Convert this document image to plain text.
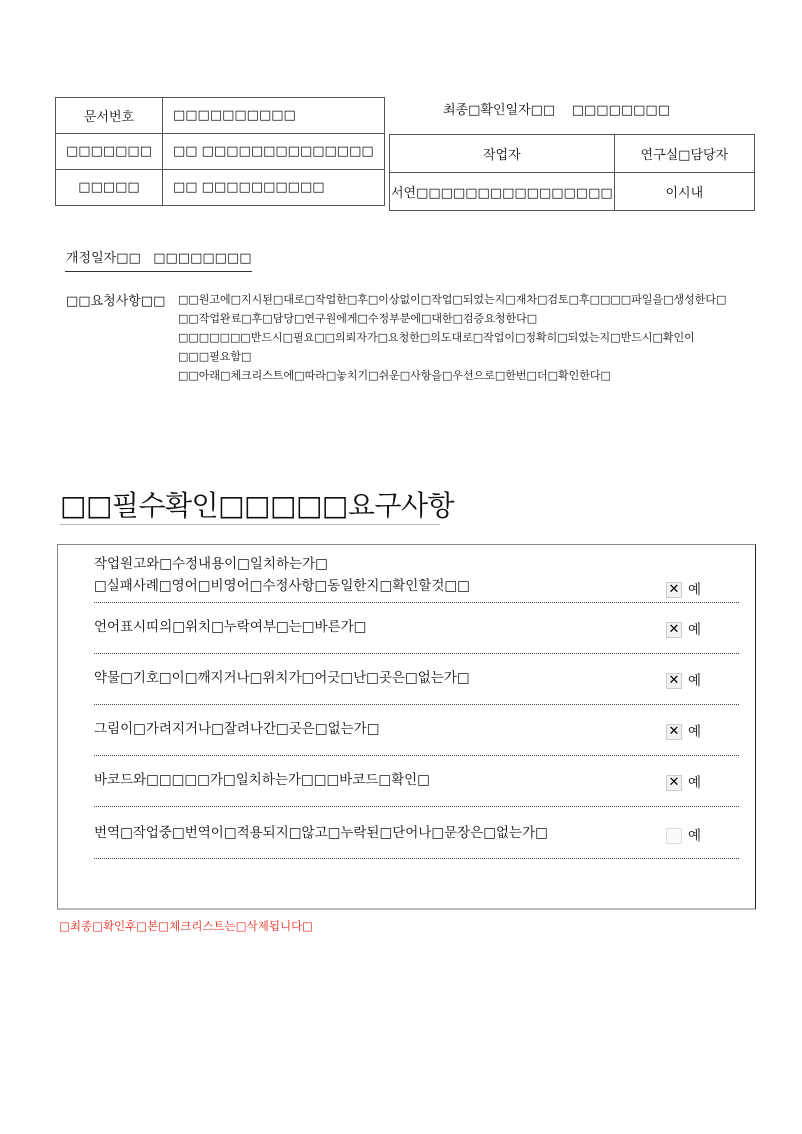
문서번호	□□□□□□□□□□
□□□□□□□	□□ □□□□□□□□□□□□□□
□□□□□	□□ □□□□□□□□□□
최종□확인일자□□ □□□□□□□□
작업자	연구실□담당자
서연□□□□□□□□□□□□□□□□	이시내
개정일자□□ □□□□□□□□
□□요청사항□□ □□원고에□지시된□대로□작업한□후□이상없이□작업□되었는지□재차□검토□후□□□□파일을□생성한다□
□□작업완료□후□담당□연구원에게□수정부분에□대한□검증요청한다□
□□□□□□□반드시□필요□□의뢰자가□요청한□의도대로□작업이□정확히□되었는지□반드시□확인이
□□□필요함□
□□아래□체크리스트에□따라□놓치기□쉬운□사항을□우선으로□한번□더□확인한다□
□□필수확인□□□□□요구사항
작업원고와□수정내용이□일치하는가□
□실패사례□영어□비영어□수정사항□동일한지□확인할것□□	✕ 예
언어표시띠의□위치□누락여부□는□바른가□	✕ 예
약물□기호□이□깨지거나□위치가□어긋□난□곳은□없는가□	✕ 예
그림이□가려지거나□잘려나간□곳은□없는가□	✕ 예
바코드와□□□□□가□일치하는가□□□바코드□확인□	✕ 예
번역□작업중□번역이□적용되지□않고□누락된□단어나□문장은□없는가□	예
□최종□확인후□본□체크리스트는□삭제됩니다□
